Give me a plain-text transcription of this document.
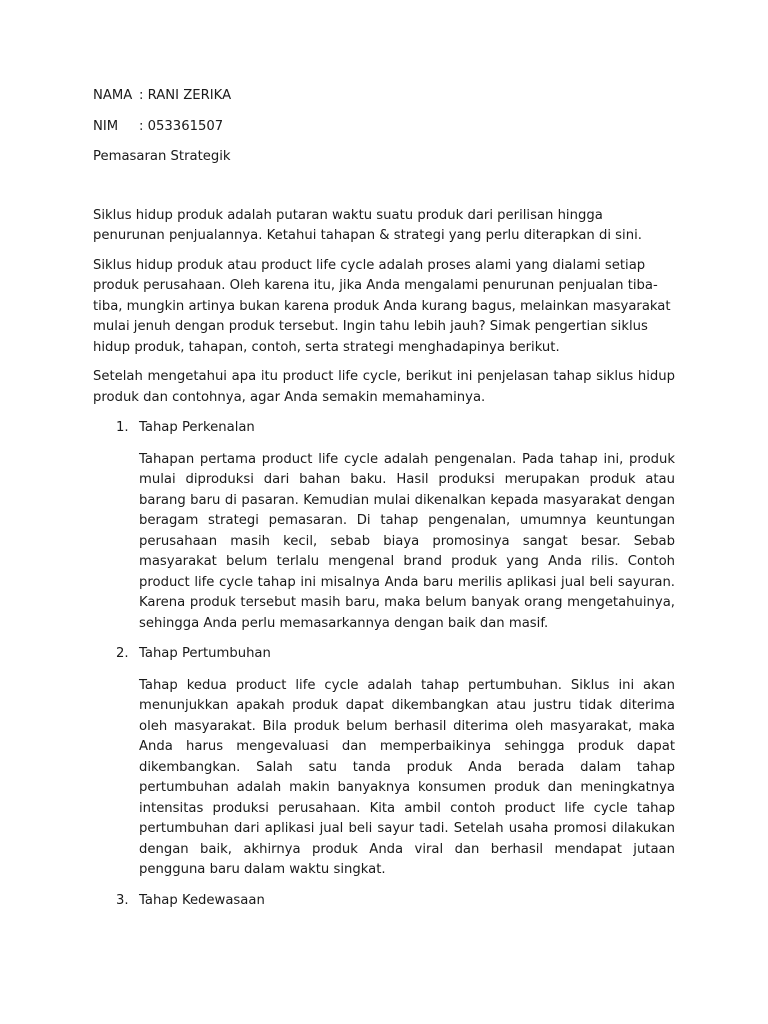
NAMA : RANI ZERIKA
NIM : 053361507
Pemasaran Strategik

Siklus hidup produk adalah putaran waktu suatu produk dari perilisan hingga penurunan penjualannya. Ketahui tahapan & strategi yang perlu diterapkan di sini.

Siklus hidup produk atau product life cycle adalah proses alami yang dialami setiap produk perusahaan. Oleh karena itu, jika Anda mengalami penurunan penjualan tiba-tiba, mungkin artinya bukan karena produk Anda kurang bagus, melainkan masyarakat mulai jenuh dengan produk tersebut. Ingin tahu lebih jauh? Simak pengertian siklus hidup produk, tahapan, contoh, serta strategi menghadapinya berikut.

Setelah mengetahui apa itu product life cycle, berikut ini penjelasan tahap siklus hidup produk dan contohnya, agar Anda semakin memahaminya.

1. Tahap Perkenalan
Tahapan pertama product life cycle adalah pengenalan. Pada tahap ini, produk mulai diproduksi dari bahan baku. Hasil produksi merupakan produk atau barang baru di pasaran. Kemudian mulai dikenalkan kepada masyarakat dengan beragam strategi pemasaran. Di tahap pengenalan, umumnya keuntungan perusahaan masih kecil, sebab biaya promosinya sangat besar. Sebab masyarakat belum terlalu mengenal brand produk yang Anda rilis. Contoh product life cycle tahap ini misalnya Anda baru merilis aplikasi jual beli sayuran. Karena produk tersebut masih baru, maka belum banyak orang mengetahuinya, sehingga Anda perlu memasarkannya dengan baik dan masif.
2. Tahap Pertumbuhan
Tahap kedua product life cycle adalah tahap pertumbuhan. Siklus ini akan menunjukkan apakah produk dapat dikembangkan atau justru tidak diterima oleh masyarakat. Bila produk belum berhasil diterima oleh masyarakat, maka Anda harus mengevaluasi dan memperbaikinya sehingga produk dapat dikembangkan. Salah satu tanda produk Anda berada dalam tahap pertumbuhan adalah makin banyaknya konsumen produk dan meningkatnya intensitas produksi perusahaan. Kita ambil contoh product life cycle tahap pertumbuhan dari aplikasi jual beli sayur tadi. Setelah usaha promosi dilakukan dengan baik, akhirnya produk Anda viral dan berhasil mendapat jutaan pengguna baru dalam waktu singkat.
3. Tahap Kedewasaan
